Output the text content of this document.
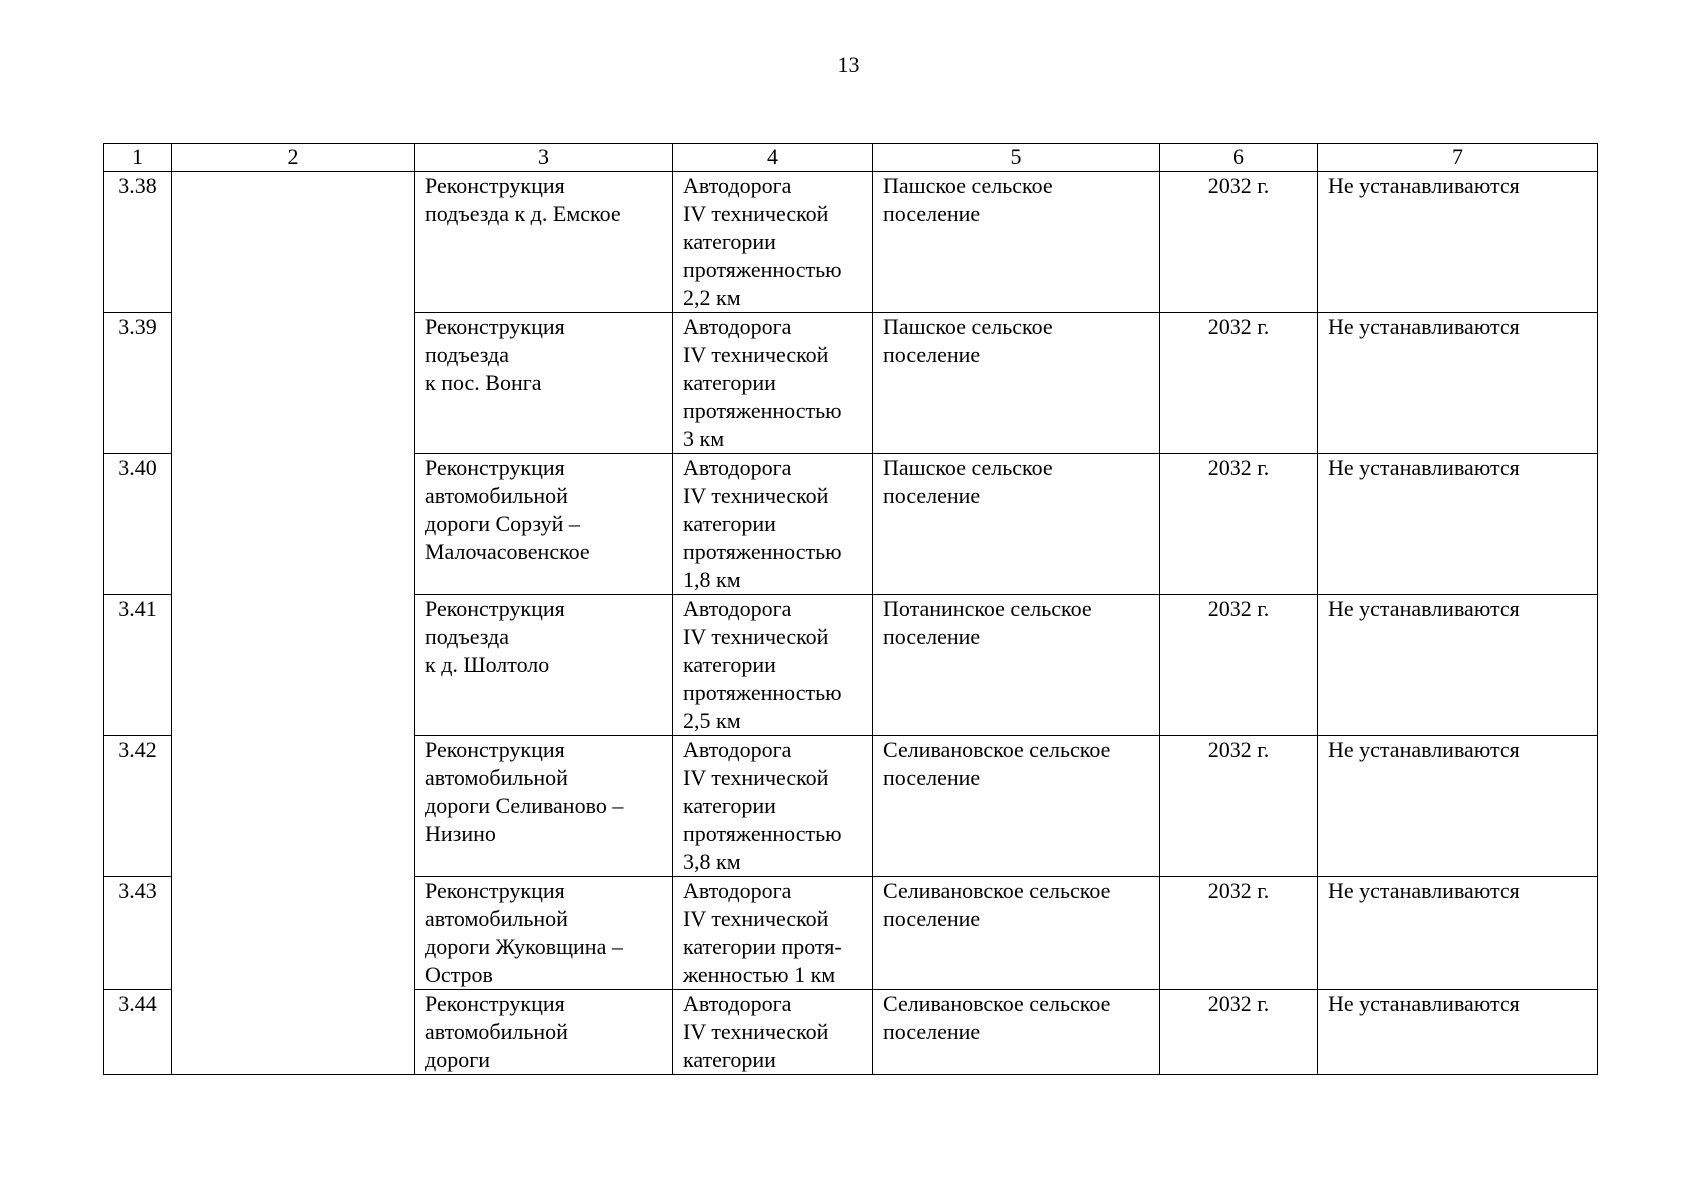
13
1	2	3	4	5	6	7
3.38		Реконструкция
подъезда к д. Емское	Автодорога
IV технической
категории
протяженностью
2,2 км	Пашское сельское
поселение	2032 г.	Не устанавливаются
3.39		Реконструкция
подъезда
к пос. Вонга	Автодорога
IV технической
категории
протяженностью
3 км	Пашское сельское
поселение	2032 г.	Не устанавливаются
3.40		Реконструкция
автомобильной
дороги Сорзуй –
Малочасовенское	Автодорога
IV технической
категории
протяженностью
1,8 км	Пашское сельское
поселение	2032 г.	Не устанавливаются
3.41		Реконструкция
подъезда
к д. Шолтоло	Автодорога
IV технической
категории
протяженностью
2,5 км	Потанинское сельское
поселение	2032 г.	Не устанавливаются
3.42		Реконструкция
автомобильной
дороги Селиваново –
Низино	Автодорога
IV технической
категории
протяженностью
3,8 км	Селивановское сельское
поселение	2032 г.	Не устанавливаются
3.43		Реконструкция
автомобильной
дороги Жуковщина –
Остров	Автодорога
IV технической
категории протя-
женностью 1 км	Селивановское сельское
поселение	2032 г.	Не устанавливаются
3.44		Реконструкция
автомобильной
дороги	Автодорога
IV технической
категории	Селивановское сельское
поселение	2032 г.	Не устанавливаются
